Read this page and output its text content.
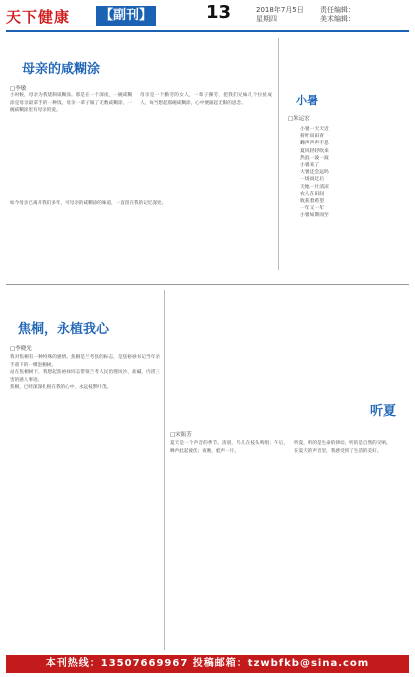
天下健康	【副刊】	13	2018年7月5日
星期四
责任编辑：
美术编辑：
母亲的咸糊涂
□李敏

小时候，母亲为我烧制咸糊涂。那是在一个深夜，一碗咸糊涂是母亲最拿手的一种饭。母亲一辈子做了无数咸糊涂，一碗咸糊涂里有母亲的爱。

母亲是一个勤劳的女人，一辈子操劳，把我们兄妹几个拉扯成人。每当想起那碗咸糊涂，心中便涌起无限的思念。

如今母亲已离开我们多年，可母亲的咸糊涂的味道，一直留在我的记忆深处。

小暑
□朱运宏
小暑一天天近
荷叶田田青
蝉声声声不息
夏风轻轻吹来
热浪一波一波
小暑来了
大暑还会远吗
一场雨过后
天地一片清凉
农人在田间
收获着希望
一年又一年
小暑如期而至
焦桐，永植我心
□李晓光

我对焦桐有一种特殊的感情。焦桐是兰考县的标志，是焦裕禄书记当年亲手栽下的一棵泡桐树。

站在焦桐树下，我想起焦裕禄同志带领兰考人民治理风沙、盐碱、内涝三害的感人事迹。

焦桐，已经深深扎根在我的心中，永远枝繁叶茂。

听夏
□宋振芳

夏天是一个声音的季节。清晨，鸟儿在枝头鸣唱；午后，蝉声此起彼伏；夜晚，蛙声一片。

听夏，听的是生命的律动，听的是自然的交响。

在夏天的声音里，我感受到了生活的美好。

本刊热线：13507669967 投稿邮箱：tzwbfkb@sina.com
